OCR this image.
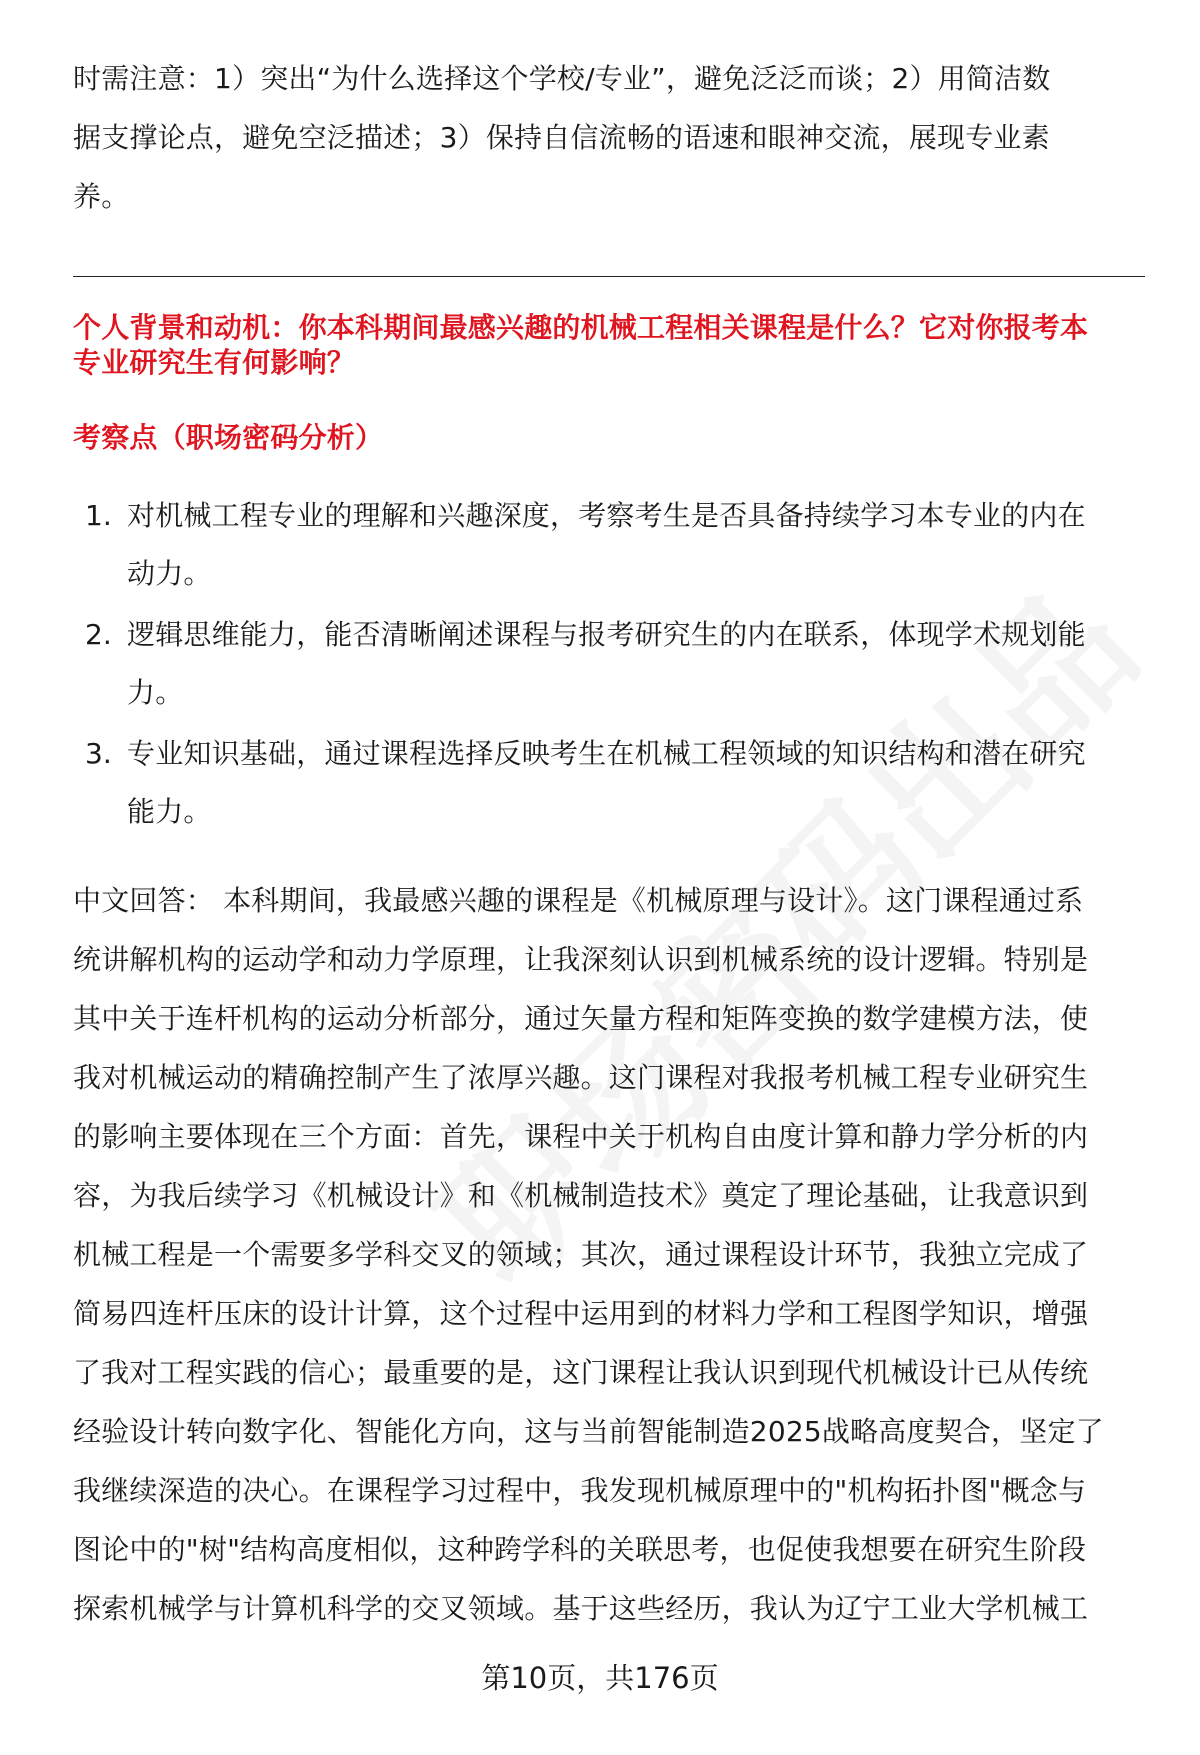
时需注意：1）突出“为什么选择这个学校/专业”，避免泛泛而谈；2）用简洁数
据支撑论点，避免空泛描述；3）保持自信流畅的语速和眼神交流，展现专业素
养。
个人背景和动机：你本科期间最感兴趣的机械工程相关课程是什么？它对你报考本
专业研究生有何影响？
考察点（职场密码分析）
1. 对机械工程专业的理解和兴趣深度，考察考生是否具备持续学习本专业的内在
动力。
2. 逻辑思维能力，能否清晰阐述课程与报考研究生的内在联系，体现学术规划能
力。
3. 专业知识基础，通过课程选择反映考生在机械工程领域的知识结构和潜在研究
能力。
中文回答： 本科期间，我最感兴趣的课程是《机械原理与设计》。这门课程通过系
统讲解机构的运动学和动力学原理，让我深刻认识到机械系统的设计逻辑。特别是
其中关于连杆机构的运动分析部分，通过矢量方程和矩阵变换的数学建模方法，使
我对机械运动的精确控制产生了浓厚兴趣。这门课程对我报考机械工程专业研究生
的影响主要体现在三个方面：首先，课程中关于机构自由度计算和静力学分析的内
容，为我后续学习《机械设计》和《机械制造技术》奠定了理论基础，让我意识到
机械工程是一个需要多学科交叉的领域；其次，通过课程设计环节，我独立完成了
简易四连杆压床的设计计算，这个过程中运用到的材料力学和工程图学知识，增强
了我对工程实践的信心；最重要的是，这门课程让我认识到现代机械设计已从传统
经验设计转向数字化、智能化方向，这与当前智能制造2025战略高度契合，坚定了
我继续深造的决心。在课程学习过程中，我发现机械原理中的"机构拓扑图"概念与
图论中的"树"结构高度相似，这种跨学科的关联思考，也促使我想要在研究生阶段
探索机械学与计算机科学的交叉领域。基于这些经历，我认为辽宁工业大学机械工
第10页，共176页
